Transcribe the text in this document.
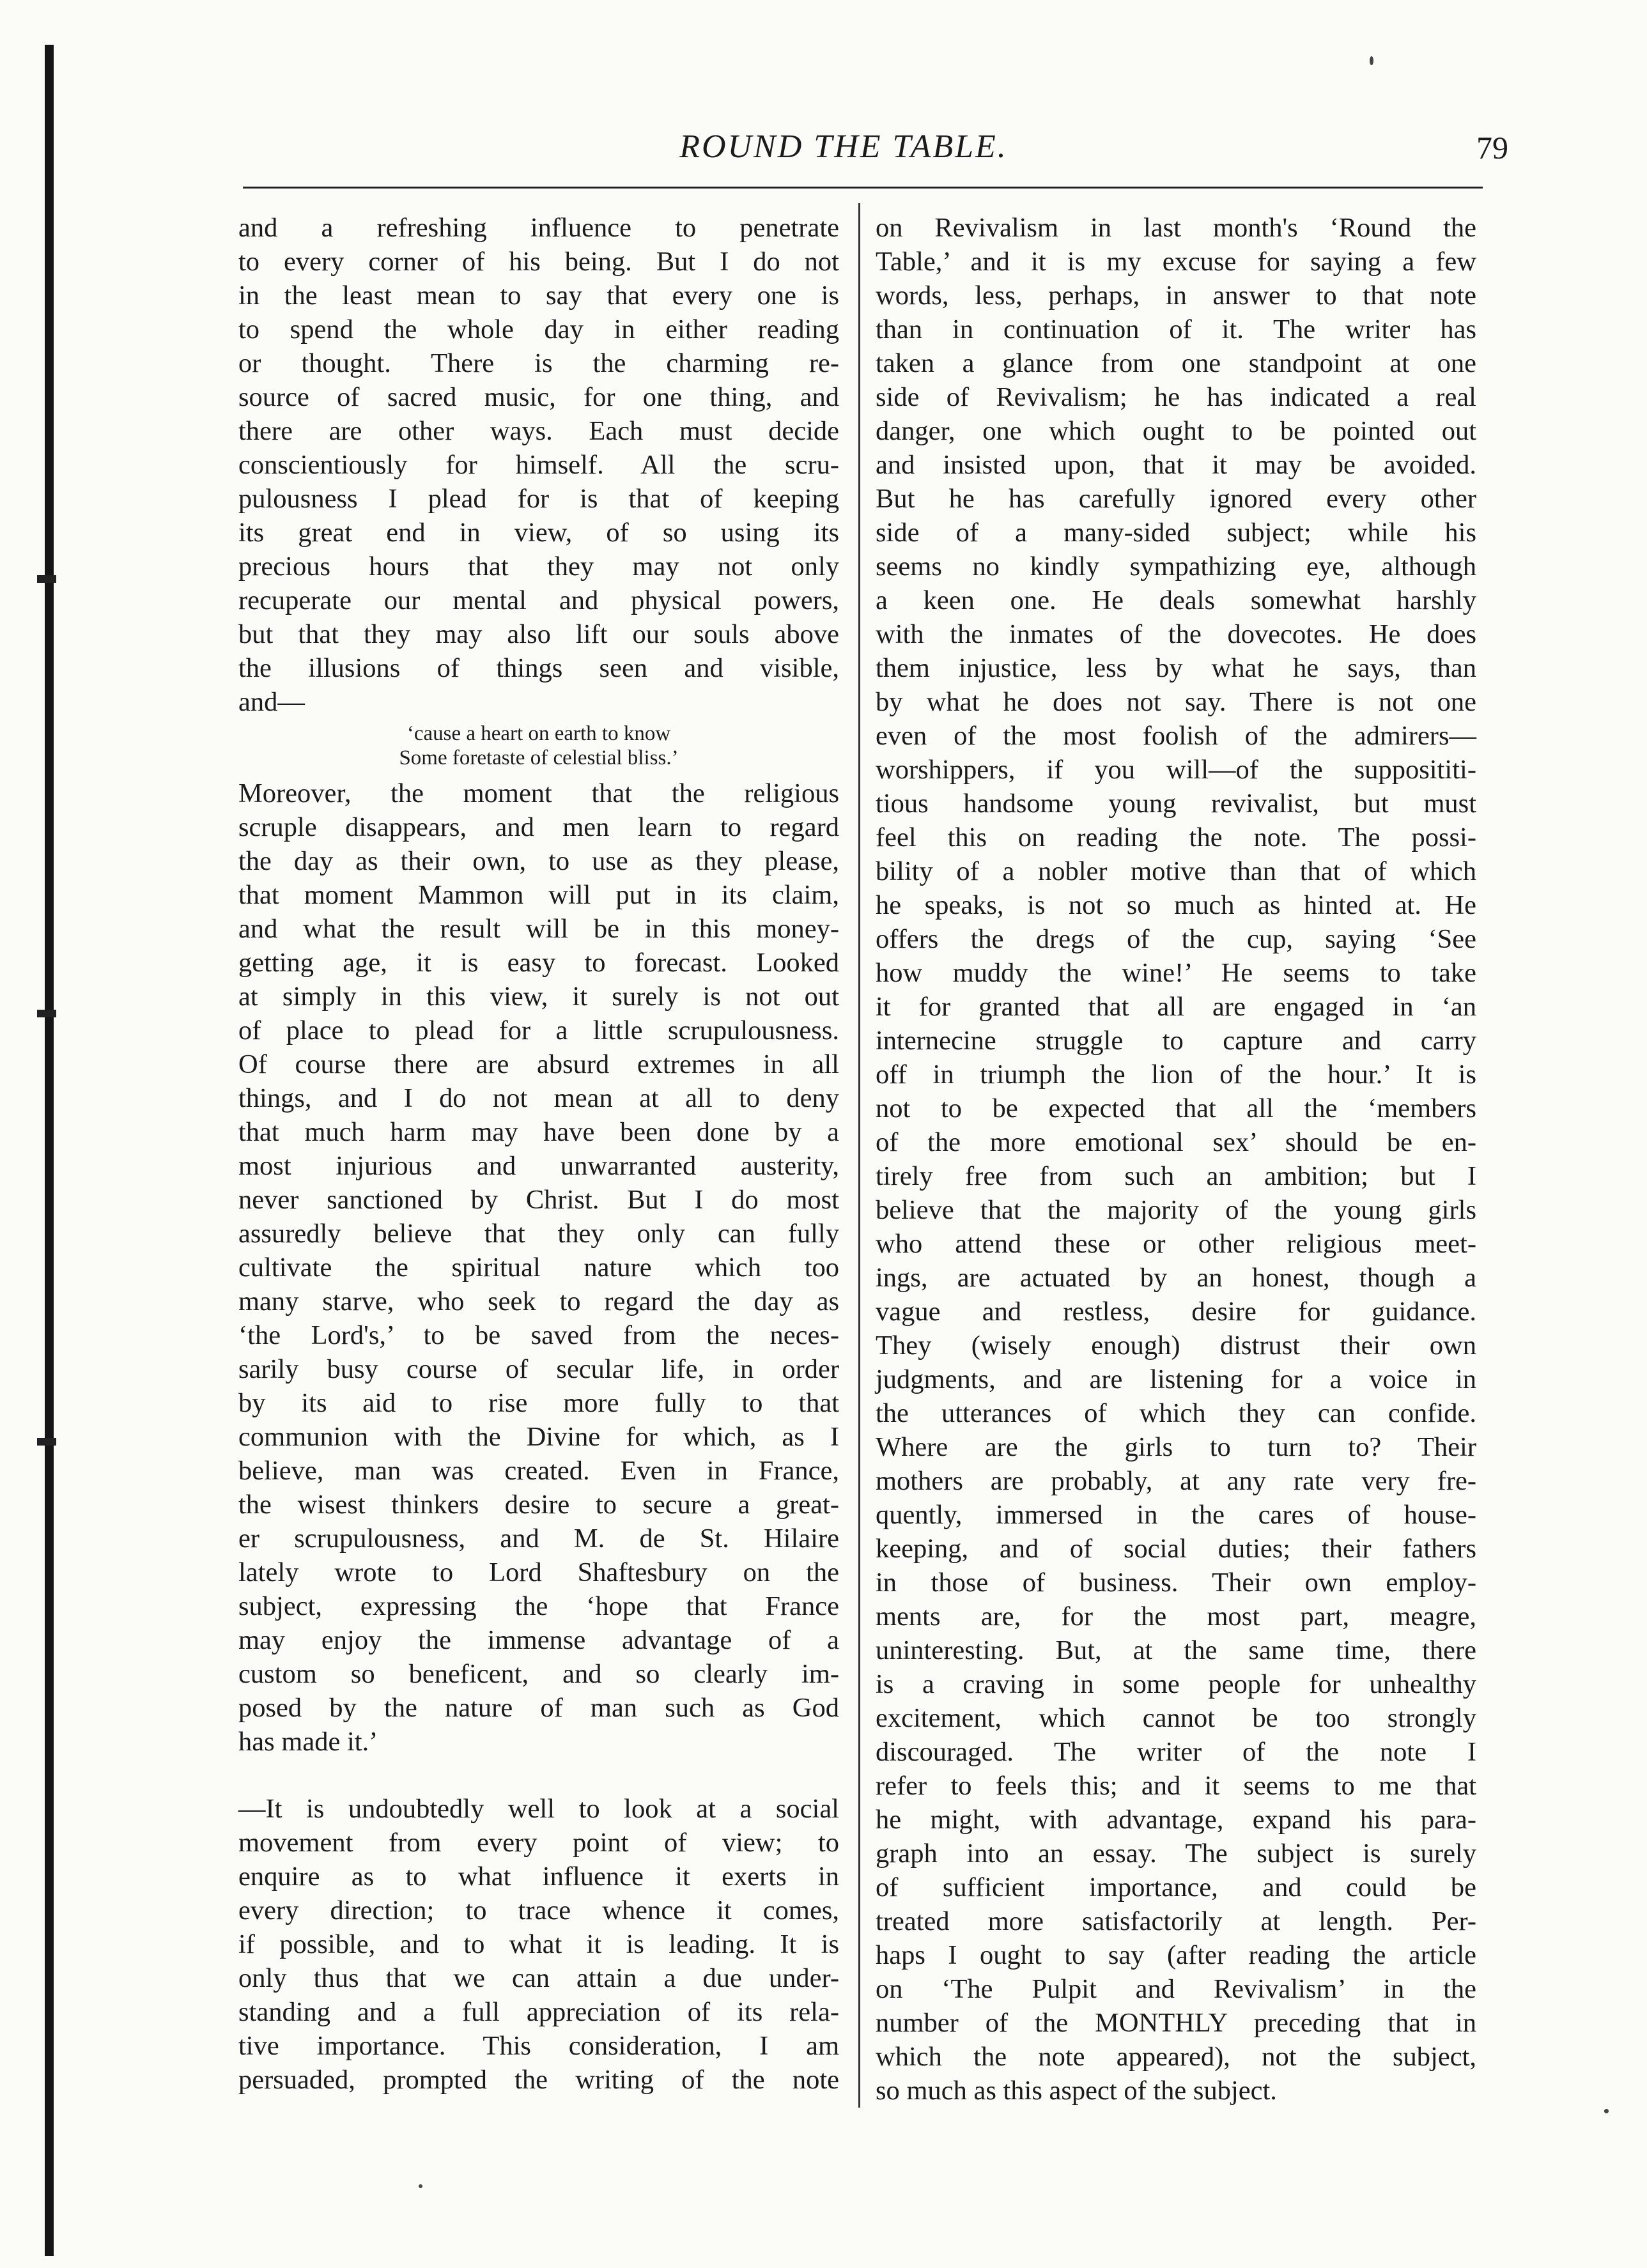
ROUND THE TABLE.	79
and a refreshing influence to penetrate
to every corner of his being. But I do not
in the least mean to say that every one is
to spend the whole day in either reading
or thought. There is the charming re-
source of sacred music, for one thing, and
there are other ways. Each must decide
conscientiously for himself. All the scru-
pulousness I plead for is that of keeping
its great end in view, of so using its
precious hours that they may not only
recuperate our mental and physical powers,
but that they may also lift our souls above
the illusions of things seen and visible,
and—
‘cause a heart on earth to know
Some foretaste of celestial bliss.’
Moreover, the moment that the religious
scruple disappears, and men learn to regard
the day as their own, to use as they please,
that moment Mammon will put in its claim,
and what the result will be in this money-
getting age, it is easy to forecast. Looked
at simply in this view, it surely is not out
of place to plead for a little scrupulousness.
Of course there are absurd extremes in all
things, and I do not mean at all to deny
that much harm may have been done by a
most injurious and unwarranted austerity,
never sanctioned by Christ. But I do most
assuredly believe that they only can fully
cultivate the spiritual nature which too
many starve, who seek to regard the day as
‘the Lord's,’ to be saved from the neces-
sarily busy course of secular life, in order
by its aid to rise more fully to that
communion with the Divine for which, as I
believe, man was created. Even in France,
the wisest thinkers desire to secure a great-
er scrupulousness, and M. de St. Hilaire
lately wrote to Lord Shaftesbury on the
subject, expressing the ‘hope that France
may enjoy the immense advantage of a
custom so beneficent, and so clearly im-
posed by the nature of man such as God
has made it.’
—It is undoubtedly well to look at a social
movement from every point of view; to
enquire as to what influence it exerts in
every direction; to trace whence it comes,
if possible, and to what it is leading. It is
only thus that we can attain a due under-
standing and a full appreciation of its rela-
tive importance. This consideration, I am
persuaded, prompted the writing of the note
on Revivalism in last month's ‘Round the
Table,’ and it is my excuse for saying a few
words, less, perhaps, in answer to that note
than in continuation of it. The writer has
taken a glance from one standpoint at one
side of Revivalism; he has indicated a real
danger, one which ought to be pointed out
and insisted upon, that it may be avoided.
But he has carefully ignored every other
side of a many-sided subject; while his
seems no kindly sympathizing eye, although
a keen one. He deals somewhat harshly
with the inmates of the dovecotes. He does
them injustice, less by what he says, than
by what he does not say. There is not one
even of the most foolish of the admirers—
worshippers, if you will—of the supposititi-
tious handsome young revivalist, but must
feel this on reading the note. The possi-
bility of a nobler motive than that of which
he speaks, is not so much as hinted at. He
offers the dregs of the cup, saying ‘See
how muddy the wine!’ He seems to take
it for granted that all are engaged in ‘an
internecine struggle to capture and carry
off in triumph the lion of the hour.’ It is
not to be expected that all the ‘members
of the more emotional sex’ should be en-
tirely free from such an ambition; but I
believe that the majority of the young girls
who attend these or other religious meet-
ings, are actuated by an honest, though a
vague and restless, desire for guidance.
They (wisely enough) distrust their own
judgments, and are listening for a voice in
the utterances of which they can confide.
Where are the girls to turn to? Their
mothers are probably, at any rate very fre-
quently, immersed in the cares of house-
keeping, and of social duties; their fathers
in those of business. Their own employ-
ments are, for the most part, meagre,
uninteresting. But, at the same time, there
is a craving in some people for unhealthy
excitement, which cannot be too strongly
discouraged. The writer of the note I
refer to feels this; and it seems to me that
he might, with advantage, expand his para-
graph into an essay. The subject is surely
of sufficient importance, and could be
treated more satisfactorily at length. Per-
haps I ought to say (after reading the article
on ‘The Pulpit and Revivalism’ in the
number of the MONTHLY preceding that in
which the note appeared), not the subject,
so much as this aspect of the subject.
